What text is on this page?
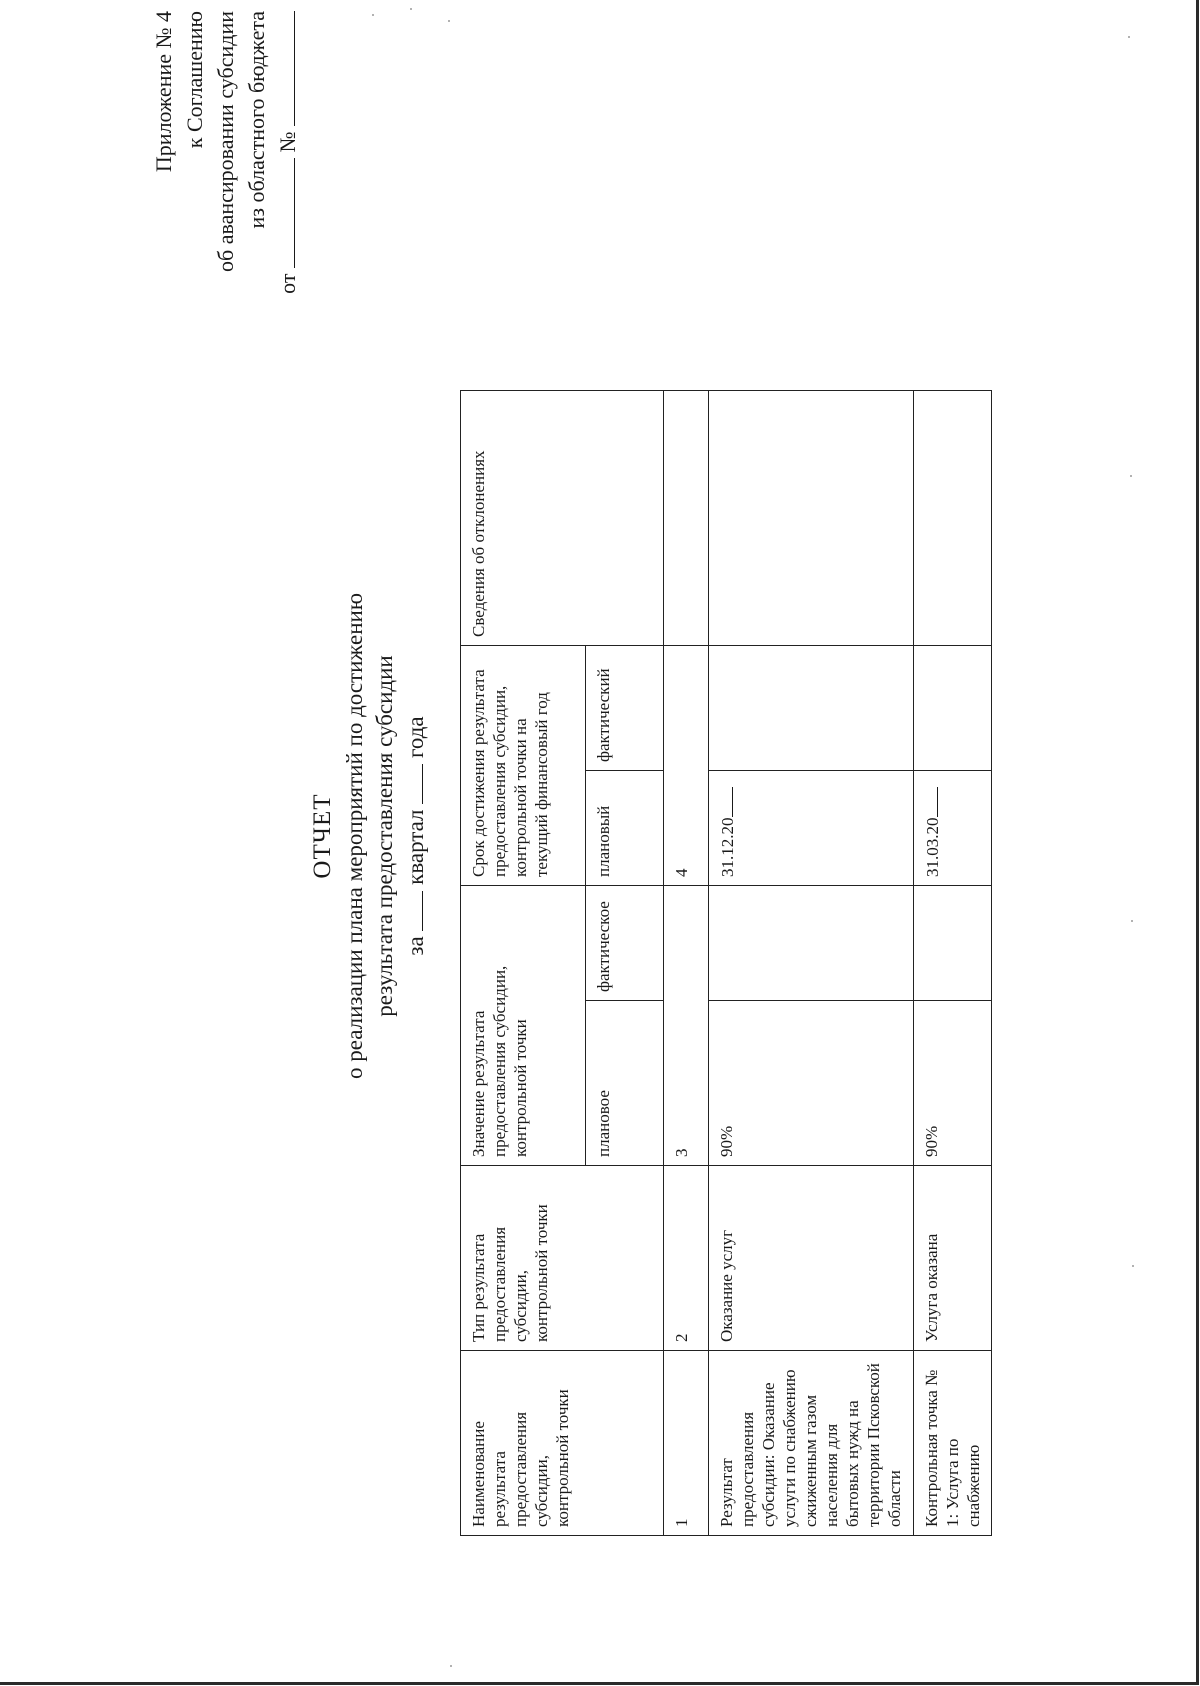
Приложение № 4 к Соглашению об авансировании субсидии из областного бюджета
от  №
ОТЧЕТ о реализации плана мероприятий по достижению результата предоставления субсидии за  квартал  года
Наименование результата предоставления субсидии, контрольной точки	Тип результата предоставления субсидии, контрольной точки	Значение результата предоставления субсидии, контрольной точки		Срок достижения результата предоставления субсидии, контрольной точки на текущий финансовый год		Сведения об отклонениях
		плановое	фактическое	плановый	фактический	
1	2	3		4		
Результат предоставления субсидии: Оказание услуги по снабжению сжиженным газом населения для бытовых нужд на территории Псковской области	Оказание услуг	90%		31.12.20		
Контрольная точка № 1: Услуга по снабжению	Услуга оказана	90%		31.03.20		
